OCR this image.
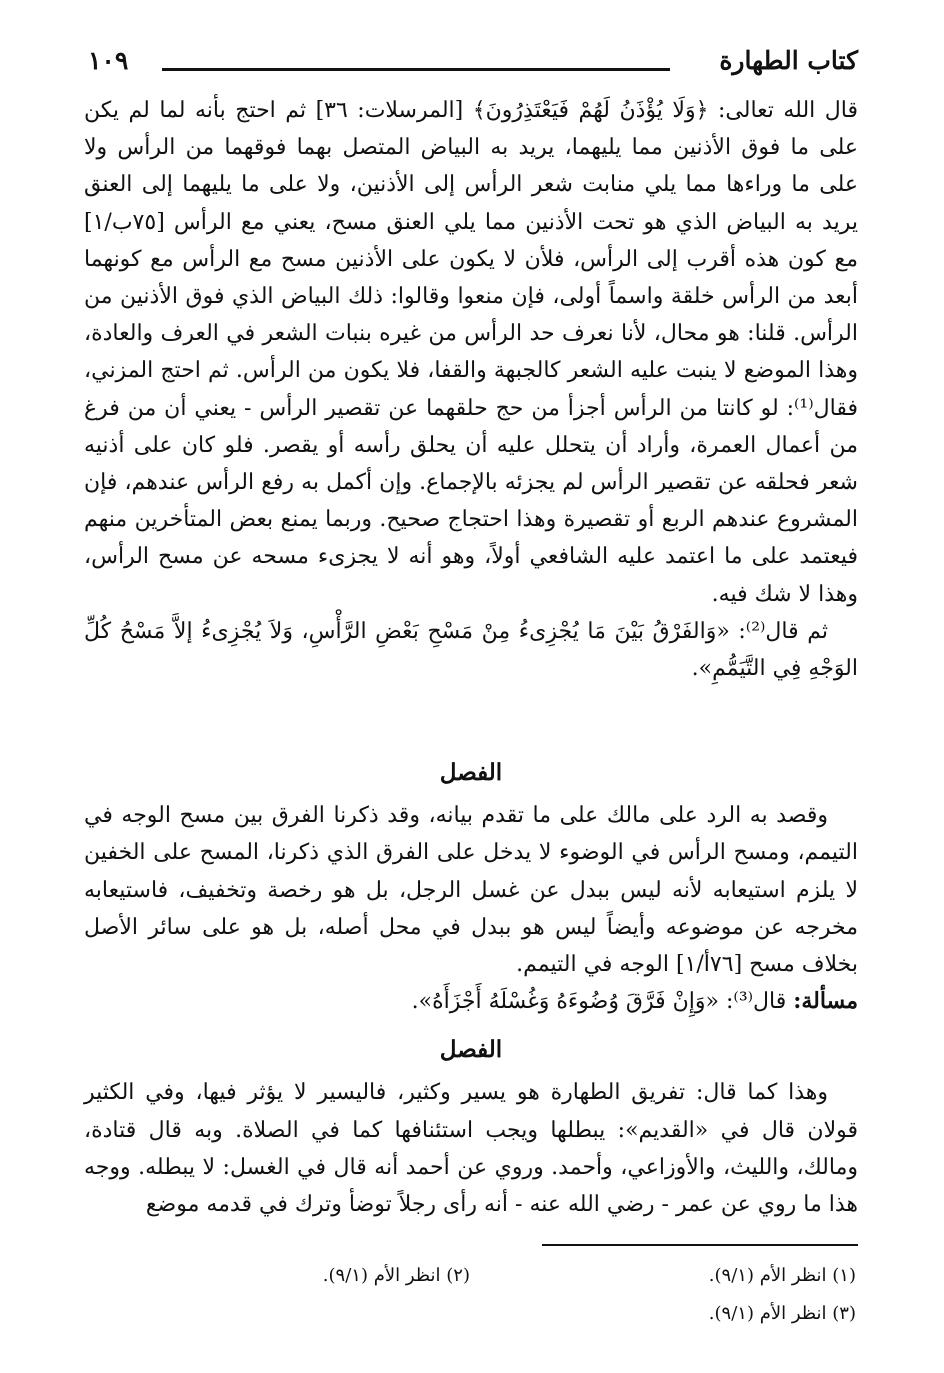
كتاب الطهارة
١٠٩

قال الله تعالى: ﴿وَلَا يُؤْذَنُ لَهُمْ فَيَعْتَذِرُونَ﴾ [المرسلات: ٣٦] ثم احتج بأنه لما لم يكن على ما فوق الأذنين مما يليهما، يريد به البياض المتصل بهما فوقهما من الرأس ولا على ما وراءها مما يلي منابت شعر الرأس إلى الأذنين، ولا على ما يليهما إلى العنق يريد به البياض الذي هو تحت الأذنين مما يلي العنق مسح، يعني مع الرأس [٧٥ب/١] مع كون هذه أقرب إلى الرأس، فلأن لا يكون على الأذنين مسح مع الرأس مع كونهما أبعد من الرأس خلقة واسماً أولى، فإن منعوا وقالوا: ذلك البياض الذي فوق الأذنين من الرأس. قلنا: هو محال، لأنا نعرف حد الرأس من غيره بنبات الشعر في العرف والعادة، وهذا الموضع لا ينبت عليه الشعر كالجبهة والقفا، فلا يكون من الرأس. ثم احتج المزني، فقال⁽¹⁾: لو كانتا من الرأس أجزأ من حج حلقهما عن تقصير الرأس - يعني أن من فرغ من أعمال العمرة، وأراد أن يتحلل عليه أن يحلق رأسه أو يقصر. فلو كان على أذنيه شعر فحلقه عن تقصير الرأس لم يجزئه بالإجماع. وإن أكمل به رفع الرأس عندهم، فإن المشروع عندهم الربع أو تقصيرة وهذا احتجاج صحيح. وربما يمنع بعض المتأخرين منهم فيعتمد على ما اعتمد عليه الشافعي أولاً، وهو أنه لا يجزىء مسحه عن مسح الرأس، وهذا لا شك فيه.

ثم قال⁽²⁾: «وَالفَرْقُ بَيْنَ مَا يُجْزِىءُ مِنْ مَسْحِ بَعْضِ الرَّأْسِ، وَلاَ يُجْزِىءُ إلاَّ مَسْحُ كُلِّ الوَجْهِ فِي التَّيَمُّمِ».

الفصل

وقصد به الرد على مالك على ما تقدم بيانه، وقد ذكرنا الفرق بين مسح الوجه في التيمم، ومسح الرأس في الوضوء لا يدخل على الفرق الذي ذكرنا، المسح على الخفين لا يلزم استيعابه لأنه ليس ببدل عن غسل الرجل، بل هو رخصة وتخفيف، فاستيعابه مخرجه عن موضوعه وأيضاً ليس هو ببدل في محل أصله، بل هو على سائر الأصل بخلاف مسح [٧٦أ/١] الوجه في التيمم.

مسألة: قال⁽³⁾: «وَإِنْ فَرَّقَ وُضُوءَهُ وَغُسْلَهُ أَجْزَأَهُ».

الفصل

وهذا كما قال: تفريق الطهارة هو يسير وكثير، فاليسير لا يؤثر فيها، وفي الكثير قولان قال في «القديم»: يبطلها ويجب استئنافها كما في الصلاة. وبه قال قتادة، ومالك، والليث، والأوزاعي، وأحمد. وروي عن أحمد أنه قال في الغسل: لا يبطله. ووجه هذا ما روي عن عمر - رضي الله عنه - أنه رأى رجلاً توضأ وترك في قدمه موضع

(١) انظر الأم (٩/١).
(٢) انظر الأم (٩/١).
(٣) انظر الأم (٩/١).
